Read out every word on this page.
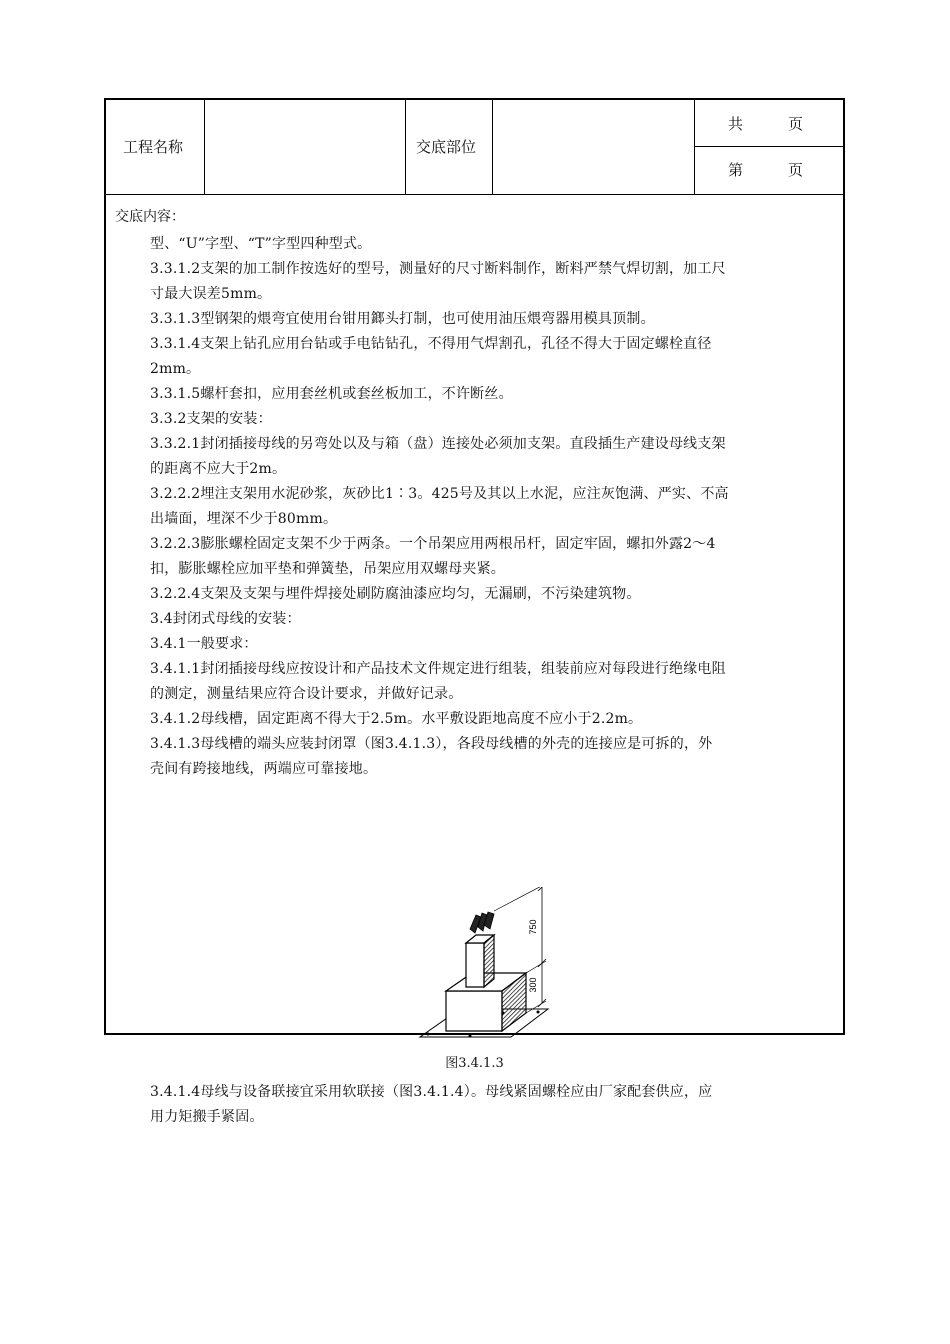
工程名称	交底部位
共　　　页
第　　　页
交底内容：
型、“U”字型、“T”字型四种型式。
3.3.1.2支架的加工制作按选好的型号，测量好的尺寸断料制作，断料严禁气焊切割，加工尺
寸最大误差5mm。
3.3.1.3型钢架的煨弯宜使用台钳用鎯头打制，也可使用油压煨弯器用模具顶制。
3.3.1.4支架上钻孔应用台钻或手电钻钻孔，不得用气焊割孔，孔径不得大于固定螺栓直径
2mm。
3.3.1.5螺杆套扣，应用套丝机或套丝板加工，不许断丝。
3.3.2支架的安装：
3.3.2.1封闭插接母线的另弯处以及与箱（盘）连接处必须加支架。直段插生产建设母线支架
的距离不应大于2m。
3.2.2.2埋注支架用水泥砂浆，灰砂比1∶3。425号及其以上水泥，应注灰饱满、严实、不高
出墙面，埋深不少于80mm。
3.2.2.3膨胀螺栓固定支架不少于两条。一个吊架应用两根吊杆，固定牢固，螺扣外露2～4
扣，膨胀螺栓应加平垫和弹簧垫，吊架应用双螺母夹紧。
3.2.2.4支架及支架与埋件焊接处刷防腐油漆应均匀，无漏刷，不污染建筑物。
3.4封闭式母线的安装：
3.4.1一般要求：
3.4.1.1封闭插接母线应按设计和产品技术文件规定进行组装，组装前应对每段进行绝缘电阻
的测定，测量结果应符合设计要求，并做好记录。
3.4.1.2母线槽，固定距离不得大于2.5m。水平敷设距地高度不应小于2.2m。
3.4.1.3母线槽的端头应装封闭罩（图3.4.1.3），各段母线槽的外壳的连接应是可拆的，外
壳间有跨接地线，两端应可靠接地。
750
300
图3.4.1.3
3.4.1.4母线与设备联接宜采用软联接（图3.4.1.4）。母线紧固螺栓应由厂家配套供应，应
用力矩搬手紧固。
